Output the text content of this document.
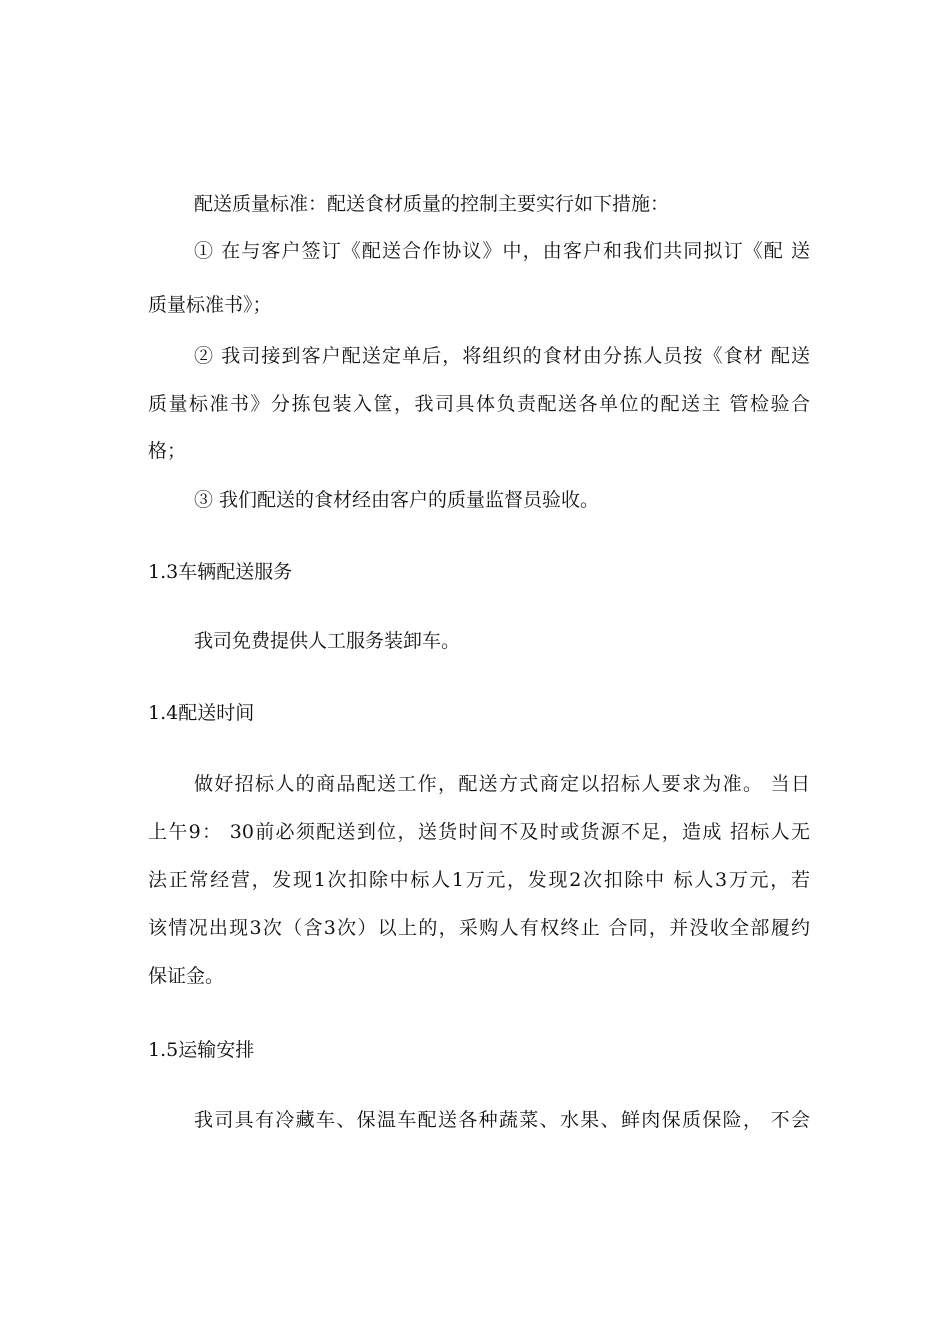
配送质量标准：配送食材质量的控制主要实行如下措施：
① 在与客户签订《配送合作协议》中，由客户和我们共同拟订《配 送
质量标准书》；
② 我司接到客户配送定单后，将组织的食材由分拣人员按《食材 配送
质量标准书》分拣包装入筐，我司具体负责配送各单位的配送主 管检验合
格；
③ 我们配送的食材经由客户的质量监督员验收。
1.3车辆配送服务
我司免费提供人工服务装卸车。
1.4配送时间
做好招标人的商品配送工作，配送方式商定以招标人要求为准。 当日
上午9： 30前必须配送到位，送货时间不及时或货源不足，造成 招标人无
法正常经营，发现1次扣除中标人1万元，发现2次扣除中 标人3万元，若
该情况出现3次（含3次）以上的，采购人有权终止 合同，并没收全部履约
保证金。
1.5运输安排
我司具有冷藏车、保温车配送各种蔬菜、水果、鲜肉保质保险， 不会
